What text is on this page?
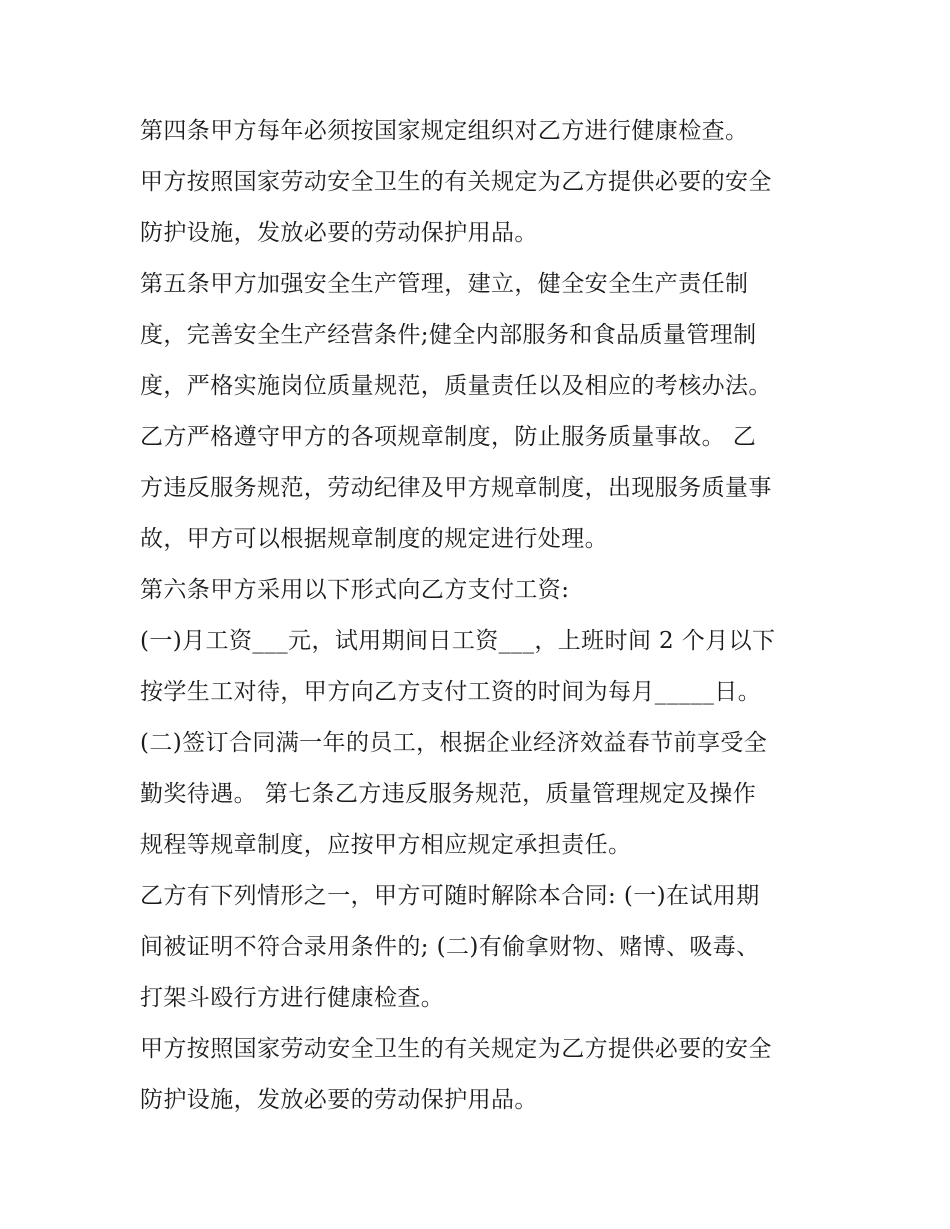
第四条甲方每年必须按国家规定组织对乙方进行健康检查。
甲方按照国家劳动安全卫生的有关规定为乙方提供必要的安全
防护设施，发放必要的劳动保护用品。
第五条甲方加强安全生产管理，建立，健全安全生产责任制
度，完善安全生产经营条件;健全内部服务和食品质量管理制
度，严格实施岗位质量规范，质量责任以及相应的考核办法。
乙方严格遵守甲方的各项规章制度，防止服务质量事故。 乙
方违反服务规范，劳动纪律及甲方规章制度，出现服务质量事
故，甲方可以根据规章制度的规定进行处理。
第六条甲方采用以下形式向乙方支付工资:
(一)月工资___元，试用期间日工资___，上班时间 2 个月以下
按学生工对待，甲方向乙方支付工资的时间为每月_____日。
(二)签订合同满一年的员工，根据企业经济效益春节前享受全
勤奖待遇。 第七条乙方违反服务规范，质量管理规定及操作
规程等规章制度，应按甲方相应规定承担责任。
乙方有下列情形之一，甲方可随时解除本合同: (一)在试用期
间被证明不符合录用条件的; (二)有偷拿财物、赌博、吸毒、
打架斗殴行方进行健康检查。
甲方按照国家劳动安全卫生的有关规定为乙方提供必要的安全
防护设施，发放必要的劳动保护用品。
